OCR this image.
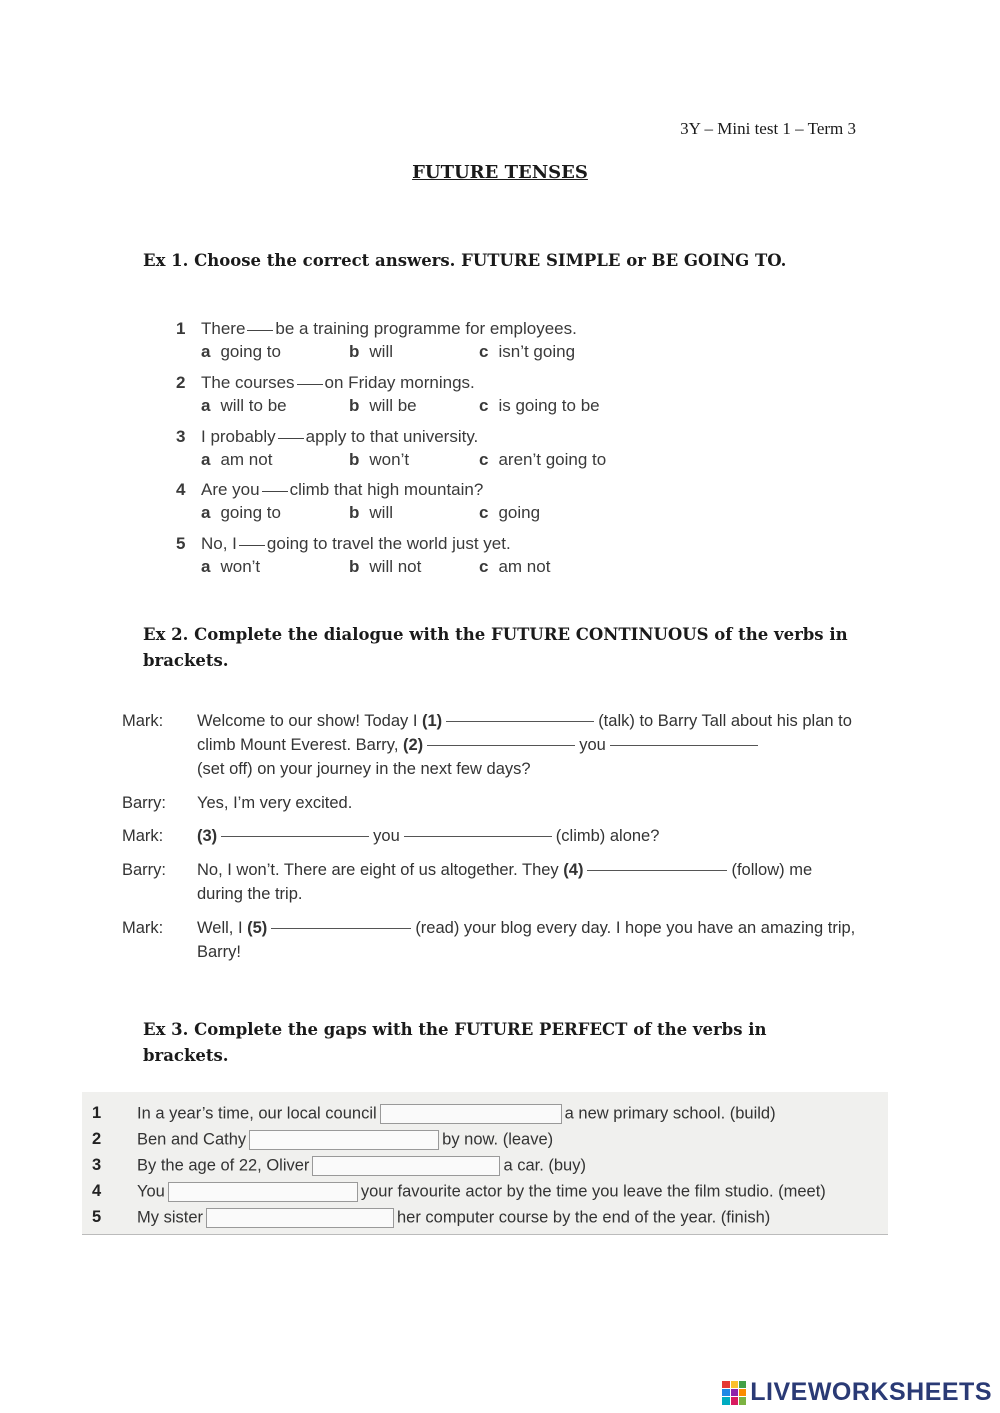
3Y – Mini test 1 – Term 3
FUTURE TENSES
Ex 1. Choose the correct answers. FUTURE SIMPLE or BE GOING TO.
1 There be a training programme for employees.
a going to	b will	c isn’t going
2 The courses on Friday mornings.
a will to be	b will be	c is going to be
3 I probably apply to that university.
a am not	b won’t	c aren’t going to
4 Are you climb that high mountain?
a going to	b will	c going
5 No, I going to travel the world just yet.
a won’t	b will not	c am not
Ex 2. Complete the dialogue with the FUTURE CONTINUOUS of the verbs in brackets.
Mark:	Welcome to our show! Today I (1)	(talk) to Barry Tall about his plan to climb Mount Everest. Barry, (2)	you
(set off) on your journey in the next few days?
Barry:	Yes, I’m very excited.
Mark:	(3)	you	(climb) alone?
Barry:	No, I won’t. There are eight of us altogether. They (4)	(follow) me during the trip.
Mark:	Well, I (5)	(read) your blog every day. I hope you have an amazing trip, Barry!
Ex 3. Complete the gaps with the FUTURE PERFECT of the verbs in brackets.
1 In a year’s time, our local council	a new primary school. (build)
2 Ben and Cathy	by now. (leave)
3 By the age of 22, Oliver	a car. (buy)
4 You	your favourite actor by the time you leave the film studio. (meet)
5 My sister	her computer course by the end of the year. (finish)
LIVEWORKSHEETS
